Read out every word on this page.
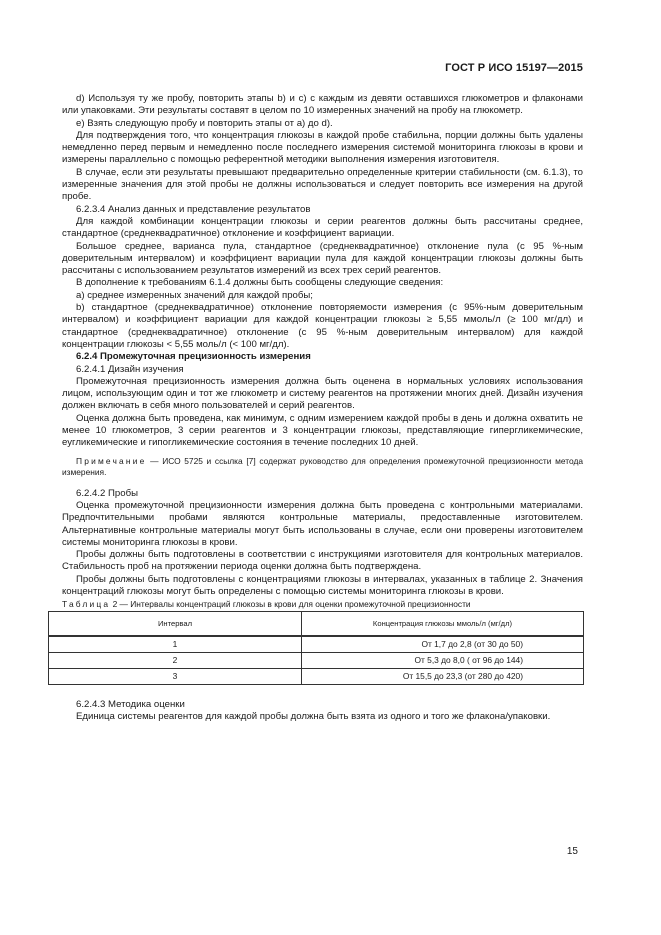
ГОСТ Р ИСО 15197—2015

d) Используя ту же пробу, повторить этапы b) и с) с каждым из девяти оставшихся глюкометров и флаконами или упаковками. Эти результаты составят в целом по 10 измеренных значений на пробу на глюкометр.

е) Взять следующую пробу и повторить этапы от a) до d).

Для подтверждения того, что концентрация глюкозы в каждой пробе стабильна, порции должны быть удалены немедленно перед первым и немедленно после последнего измерения системой мониторинга глюкозы в крови и измерены параллельно с помощью референтной методики выполнения измерения изготовителя.

В случае, если эти результаты превышают предварительно определенные критерии стабильности (см. 6.1.3), то измеренные значения для этой пробы не должны использоваться и следует повторить все измерения на другой пробе.

6.2.3.4 Анализ данных и представление результатов

Для каждой комбинации концентрации глюкозы и серии реагентов должны быть рассчитаны среднее, стандартное (среднеквадратичное) отклонение и коэффициент вариации.

Большое среднее, варианса пула, стандартное (среднеквадратичное) отклонение пула (с 95 %-ным доверительным интервалом) и коэффициент вариации пула для каждой концентрации глюкозы должны быть рассчитаны с использованием результатов измерений из всех трех серий реагентов.

В дополнение к требованиям 6.1.4 должны быть сообщены следующие сведения:

а) среднее измеренных значений для каждой пробы;

b) стандартное (среднеквадратичное) отклонение повторяемости измерения (с 95%-ным доверительным интервалом) и коэффициент вариации для каждой концентрации глюкозы ≥ 5,55 ммоль/л (≥ 100 мг/дл) и стандартное (среднеквадратичное) отклонение (с 95 %-ным доверительным интервалом) для каждой концентрации глюкозы < 5,55 моль/л (< 100 мг/дл).

6.2.4 Промежуточная прецизионность измерения

6.2.4.1 Дизайн изучения

Промежуточная прецизионность измерения должна быть оценена в нормальных условиях использования лицом, использующим один и тот же глюкометр и систему реагентов на протяжении многих дней. Дизайн изучения должен включать в себя много пользователей и серий реагентов.

Оценка должна быть проведена, как минимум, с одним измерением каждой пробы в день и должна охватить не менее 10 глюкометров, 3 серии реагентов и 3 концентрации глюкозы, представляющие гипергликемические, еугликемические и гипогликемические состояния в течение последних 10 дней.

Примечание — ИСО 5725 и ссылка [7] содержат руководство для определения промежуточной прецизионности метода измерения.

6.2.4.2 Пробы

Оценка промежуточной прецизионности измерения должна быть проведена с контрольными материалами. Предпочтительными пробами являются контрольные материалы, предоставленные изготовителем. Альтернативные контрольные материалы могут быть использованы в случае, если они проверены изготовителем системы мониторинга глюкозы в крови.

Пробы должны быть подготовлены в соответствии с инструкциями изготовителя для контрольных материалов. Стабильность проб на протяжении периода оценки должна быть подтверждена.

Пробы должны быть подготовлены с концентрациями глюкозы в интервалах, указанных в таблице 2. Значения концентраций глюкозы могут быть определены с помощью системы мониторинга глюкозы в крови.

Таблица 2 — Интервалы концентраций глюкозы в крови для оценки промежуточной прецизионности

Интервал	Концентрация глюкозы ммоль/л (мг/дл)
1	От 1,7 до 2,8 (от 30 до 50)
2	От 5,3 до 8,0 ( от 96 до 144)
3	От 15,5 до 23,3 (от 280 до 420)

6.2.4.3 Методика оценки

Единица системы реагентов для каждой пробы должна быть взята из одного и того же флакона/упаковки.

15
